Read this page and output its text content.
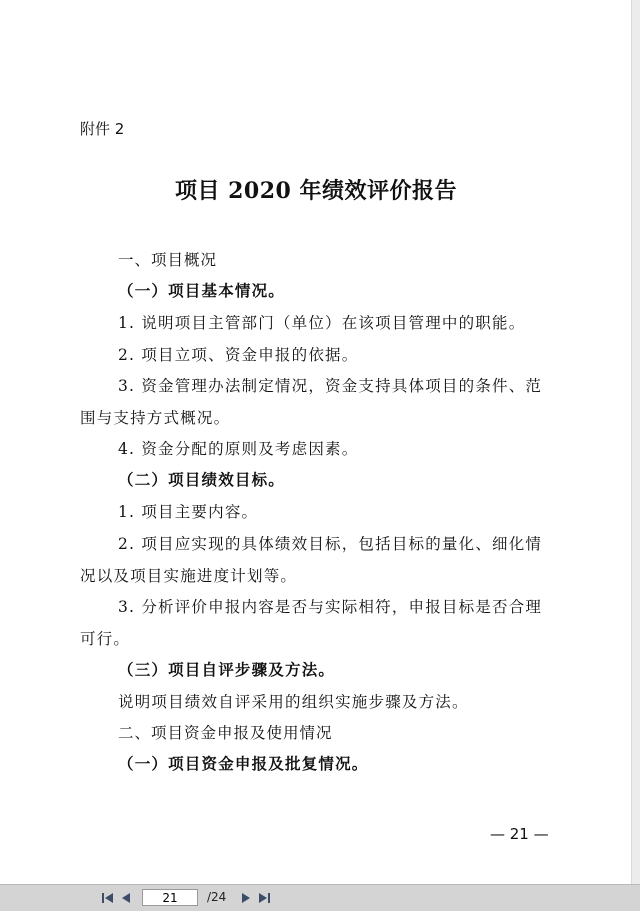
附件 2
项目 2020 年绩效评价报告
一、项目概况
（一）项目基本情况。
1. 说明项目主管部门（单位）在该项目管理中的职能。
2. 项目立项、资金申报的依据。
3. 资金管理办法制定情况，资金支持具体项目的条件、范
围与支持方式概况。
4. 资金分配的原则及考虑因素。
（二）项目绩效目标。
1. 项目主要内容。
2. 项目应实现的具体绩效目标，包括目标的量化、细化情
况以及项目实施进度计划等。
3. 分析评价申报内容是否与实际相符，申报目标是否合理
可行。
（三）项目自评步骤及方法。
说明项目绩效自评采用的组织实施步骤及方法。
二、项目资金申报及使用情况
（一）项目资金申报及批复情况。
— 21 —
21
/24
